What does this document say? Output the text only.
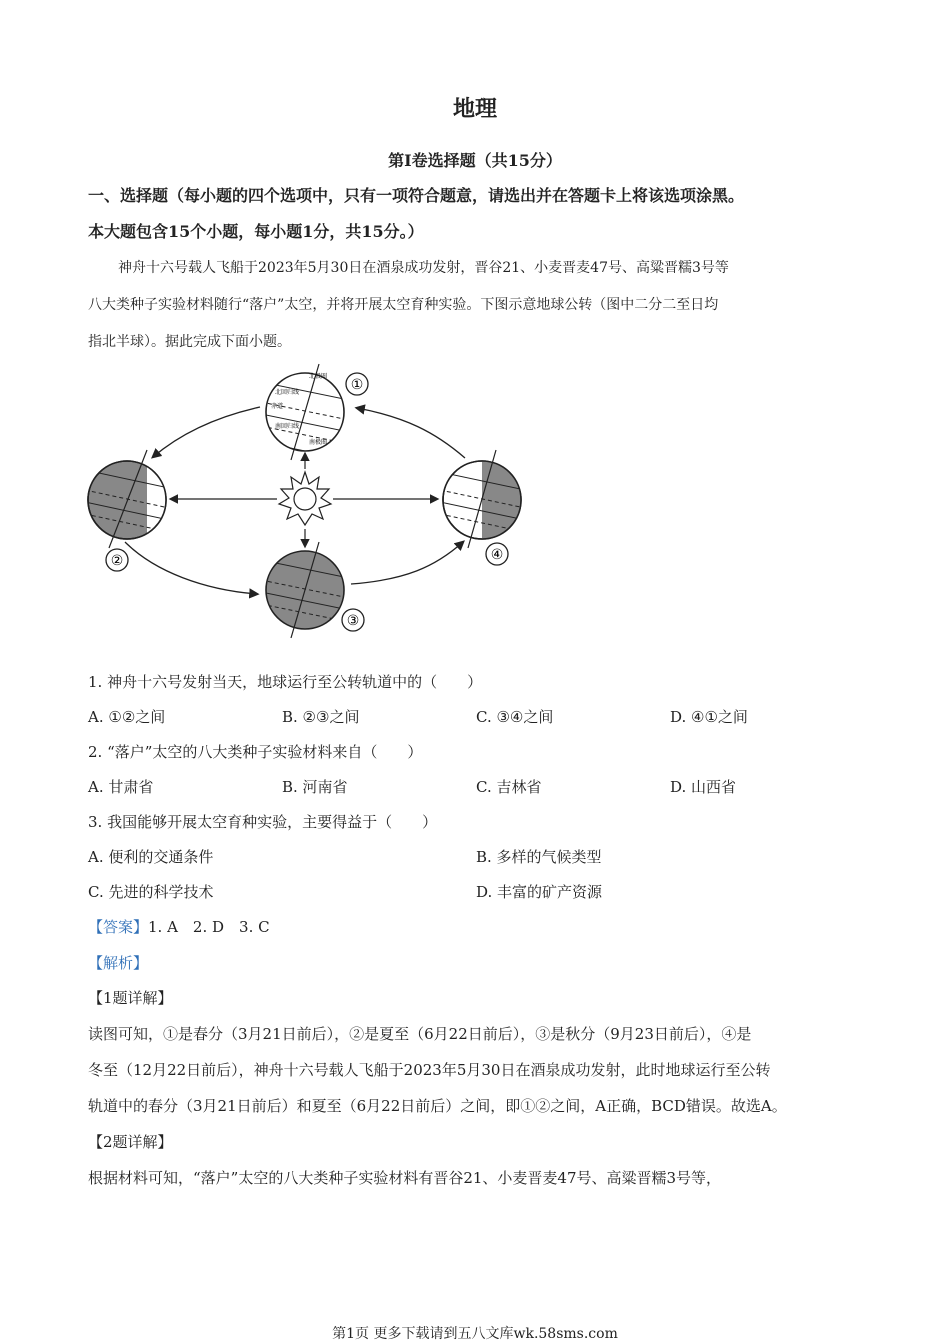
地理
第Ⅰ卷选择题（共15分）
一、选择题（每小题的四个选项中，只有一项符合题意，请选出并在答题卡上将该选项涂黑。
本大题包含15个小题，每小题1分，共15分。）
神舟十六号载人飞船于2023年5月30日在酒泉成功发射，晋谷21、小麦晋麦47号、高粱晋糯3号等
八大类种子实验材料随行“落户”太空，并将开展太空育种实验。下图示意地球公转（图中二分二至日均
指北半球）。据此完成下面小题。
北极圈
北回归线
赤道
南回归线
南极圈
①
②
③
④
1. 神舟十六号发射当天，地球运行至公转轨道中的（　　）
A. ①②之间	B. ②③之间	C. ③④之间	D. ④①之间
2. “落户”太空的八大类种子实验材料来自（　　）
A. 甘肃省	B. 河南省	C. 吉林省	D. 山西省
3. 我国能够开展太空育种实验，主要得益于（　　）
A. 便利的交通条件	B. 多样的气候类型
C. 先进的科学技术	D. 丰富的矿产资源
【答案】1. A　2. D　3. C
【解析】
【1题详解】
读图可知，①是春分（3月21日前后），②是夏至（6月22日前后），③是秋分（9月23日前后），④是
冬至（12月22日前后），神舟十六号载人飞船于2023年5月30日在酒泉成功发射，此时地球运行至公转
轨道中的春分（3月21日前后）和夏至（6月22日前后）之间，即①②之间，A正确，BCD错误。故选A。
【2题详解】
根据材料可知，“落户”太空的八大类种子实验材料有晋谷21、小麦晋麦47号、高粱晋糯3号等，
第1页 更多下载请到五八文库wk.58sms.com
